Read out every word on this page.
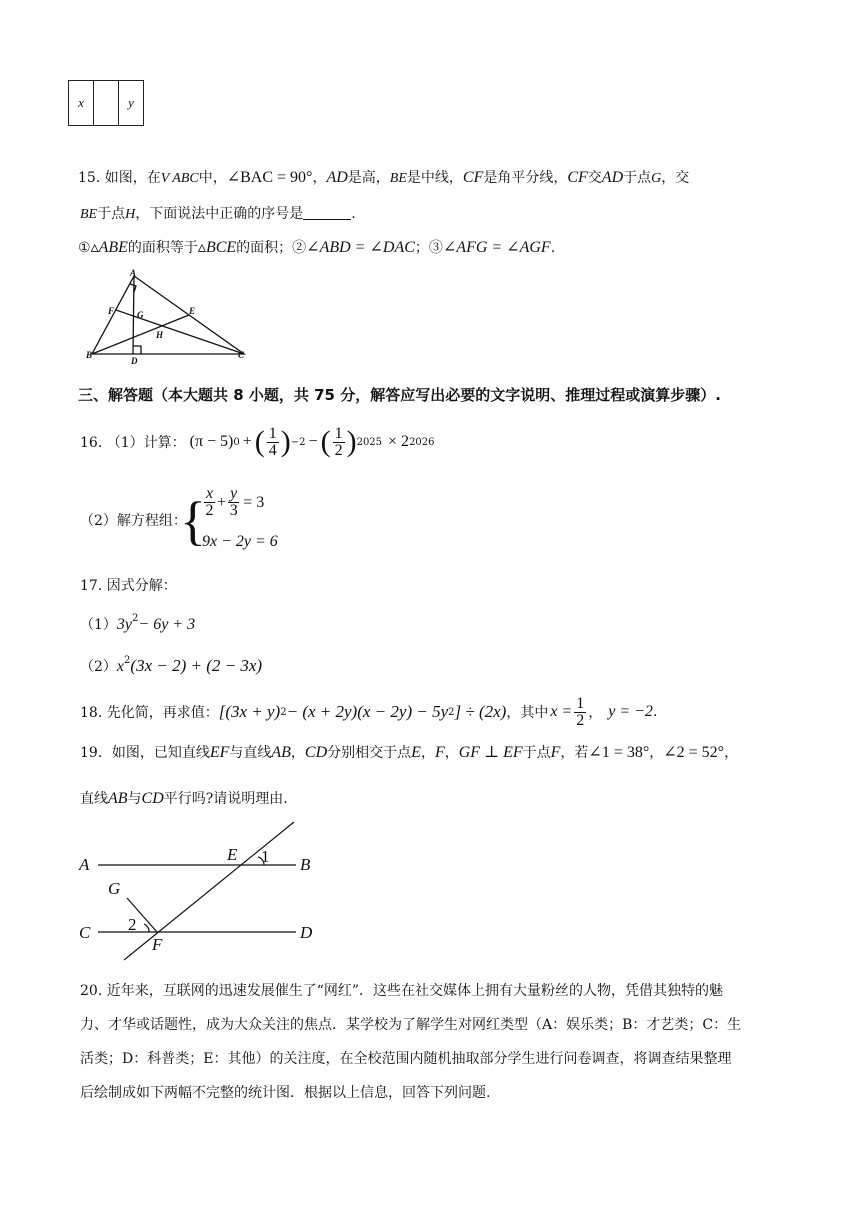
x		y
15. 如图，在V ABC中，∠BAC = 90°，AD是高，BE是中线，CF是角平分线，CF交AD于点G，交
BE于点H，下面说法中正确的序号是	.
①▵ABE的面积等于▵BCE的面积；②∠ABD = ∠DAC；③∠AFG = ∠AGF.
A
F	G	E
H
B
D
C
三、解答题（本大题共 8 小题，共 75 分，解答应写出必要的文字说明、推理过程或演算步骤）.
16. （1）计算： (π − 5) 0 + ( $\frac{1}{4}$ ) −2 − ( $\frac{1}{2}$ ) 2025 × 2 2026
（2）解方程组：
{
$\frac{x}{2} + \frac{y}{3} = 3$
9x − 2y = 6
17. 因式分解：
$(1)3y^2- 6y + 3$
$(2)x^2(3x - 2) + (2 - 3x)$
18. 先化简，再求值： [(3x + y) 2 − (x + 2y)(x − 2y) − 5y 2 ] ÷ (2x) ，其中 $x = \frac{1}{2}$ ， y = −2 .
19．如图，已知直线EF与直线AB，CD分别相交于点E，F，GF ⊥ EF于点F，若∠1 = 38°，∠2 = 52°，
直线AB与CD平行吗?请说明理由.
A
E 1 B
G
2
C
F
D
20. 近年来，互联网的迅速发展催生了“网红”．这些在社交媒体上拥有大量粉丝的人物，凭借其独特的魅
力、才华或话题性，成为大众关注的焦点．某学校为了解学生对网红类型（A：娱乐类；B：才艺类；C：生
活类；D：科普类；E：其他）的关注度，在全校范围内随机抽取部分学生进行问卷调查，将调查结果整理
后绘制成如下两幅不完整的统计图．根据以上信息，回答下列问题.
